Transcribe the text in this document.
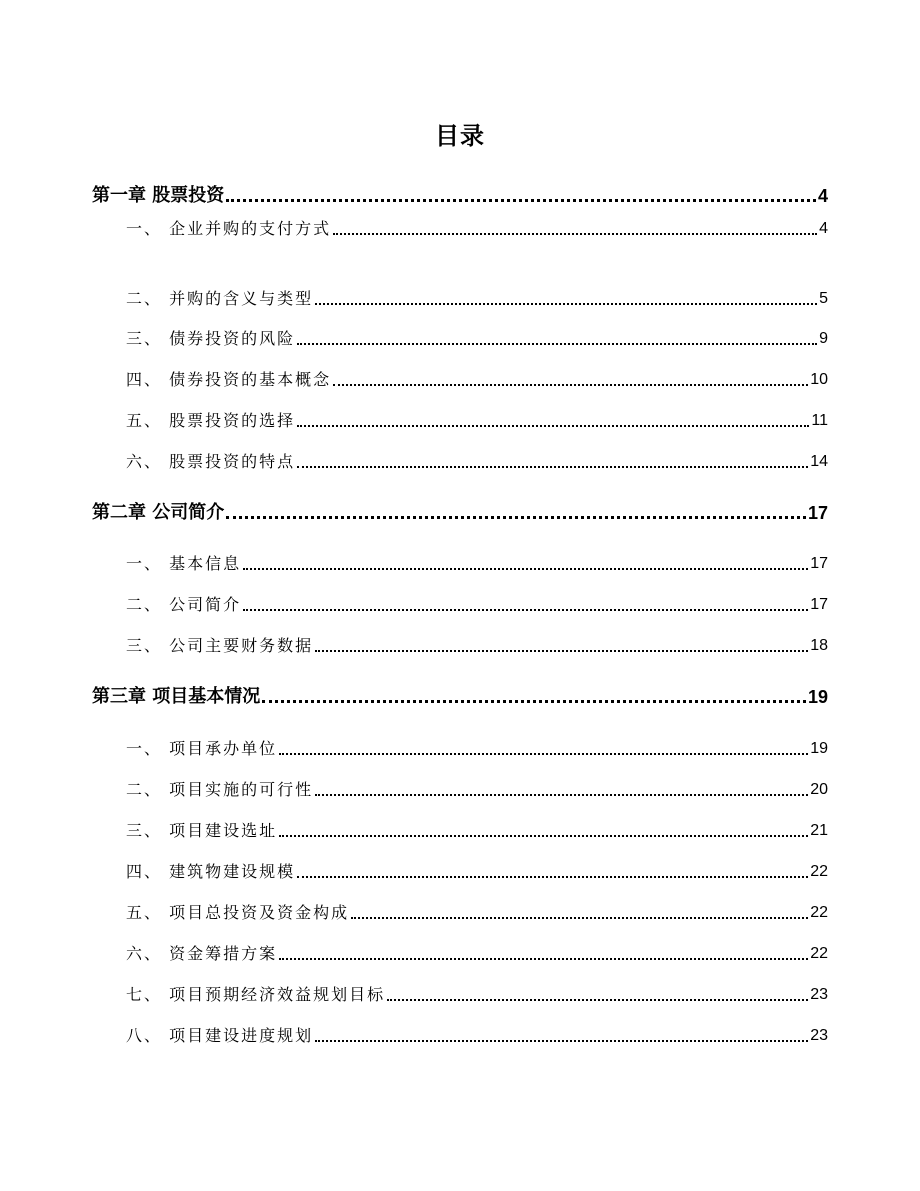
目录
第一章 股票投资	4
一、 企业并购的支付方式	4
二、 并购的含义与类型	5
三、 债券投资的风险	9
四、 债券投资的基本概念	10
五、 股票投资的选择	11
六、 股票投资的特点	14
第二章 公司简介	17
一、 基本信息	17
二、 公司简介	17
三、 公司主要财务数据	18
第三章 项目基本情况	19
一、 项目承办单位	19
二、 项目实施的可行性	20
三、 项目建设选址	21
四、 建筑物建设规模	22
五、 项目总投资及资金构成	22
六、 资金筹措方案	22
七、 项目预期经济效益规划目标	23
八、 项目建设进度规划	23
